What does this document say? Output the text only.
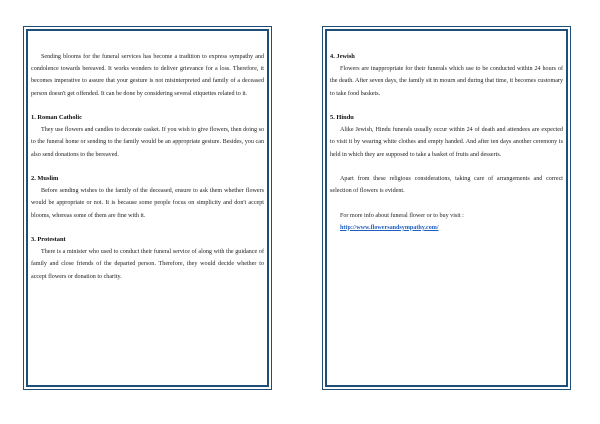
Sending blooms for the funeral services has become a tradition to express sympathy and condolence towards bereaved. It works wonders to deliver grievance for a loss. Therefore, it becomes imperative to assure that your gesture is not misinterpreted and family of a deceased person doesn't get offended. It can be done by considering several etiquettes related to it.

1. Roman Catholic

They use flowers and candles to decorate casket. If you wish to give flowers, then doing so to the funeral home or sending to the family would be an appropriate gesture. Besides, you can also send donations to the bereaved.

2. Muslim

Before sending wishes to the family of the deceased, ensure to ask them whether flowers would be appropriate or not. It is because some people focus on simplicity and don't accept blooms, whereas some of them are fine with it.

3. Protestant

There is a minister who used to conduct their funeral service of along with the guidance of family and close friends of the departed person. Therefore, they would decide whether to accept flowers or donation to charity.

4. Jewish

Flowers are inappropriate for their funerals which use to be conducted within 24 hours of the death. After seven days, the family sit in mourn and during that time, it becomes customary to take food baskets.

5. Hindu

Alike Jewish, Hindu funerals usually occur within 24 of death and attendees are expected to visit it by wearing white clothes and empty handed. And after ten days another ceremony is held in which they are supposed to take a basket of fruits and desserts.

Apart from these religious considerations, taking care of arrangements and correct selection of flowers is evident.

For more info about funeral flower or to buy visit :

http://www.flowersandsympathy.com/
